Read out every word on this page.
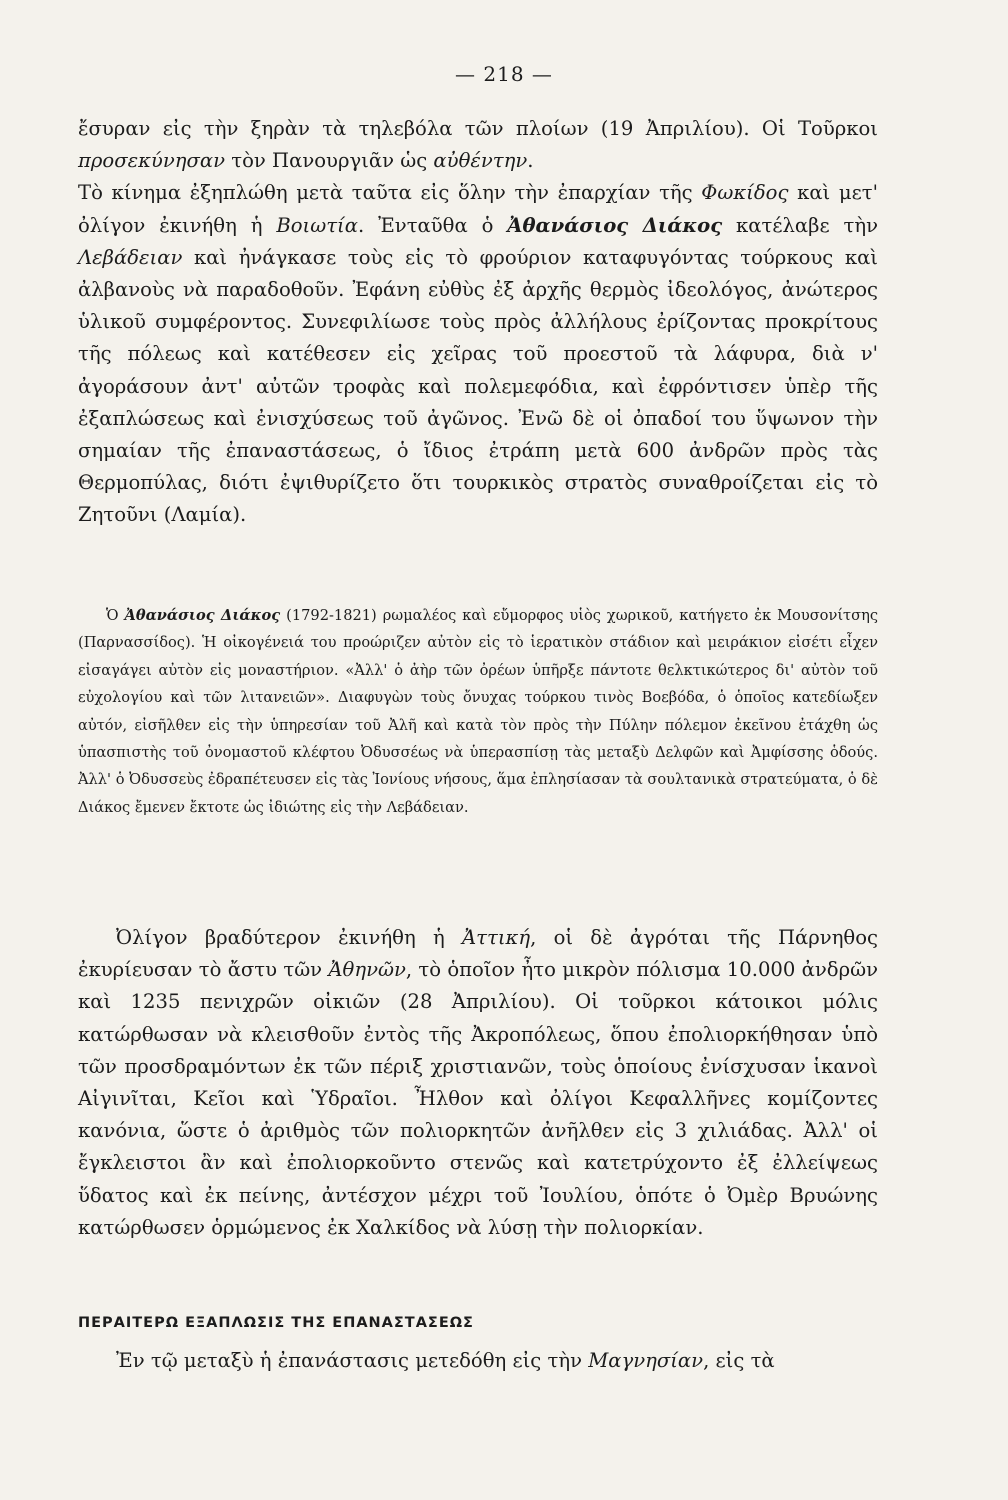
— 218 —

ἔσυραν εἰς τὴν ξηρὰν τὰ τηλεβόλα τῶν πλοίων (19 Ἀπριλίου). Οἱ Τοῦρκοι προσεκύνησαν τὸν Πανουργιᾶν ὡς αὐθέντην.
Τὸ κίνημα ἐξηπλώθη μετὰ ταῦτα εἰς ὅλην τὴν ἐπαρχίαν τῆς Φωκίδος καὶ μετ' ὀλίγον ἐκινήθη ἡ Βοιωτία. Ἐνταῦθα ὁ Ἀθανάσιος Διάκος κατέλαβε τὴν Λεβάδειαν καὶ ἠνάγκασε τοὺς εἰς τὸ φρούριον καταφυγόντας τούρκους καὶ ἀλβανοὺς νὰ παραδοθοῦν. Ἐφάνη εὐθὺς ἐξ ἀρχῆς θερμὸς ἰδεολόγος, ἀνώτερος ὑλικοῦ συμφέροντος. Συνεφιλίωσε τοὺς πρὸς ἀλλήλους ἐρίζοντας προκρίτους τῆς πόλεως καὶ κατέθεσεν εἰς χεῖρας τοῦ προεστοῦ τὰ λάφυρα, διὰ ν' ἀγοράσουν ἀντ' αὐτῶν τροφὰς καὶ πολεμεφόδια, καὶ ἐφρόντισεν ὑπὲρ τῆς ἐξαπλώσεως καὶ ἐνισχύσεως τοῦ ἀγῶνος. Ἐνῶ δὲ οἱ ὀπαδοί του ὕψωνον τὴν σημαίαν τῆς ἐπαναστάσεως, ὁ ἴδιος ἐτράπη μετὰ 600 ἀνδρῶν πρὸς τὰς Θερμοπύλας, διότι ἐψιθυρίζετο ὅτι τουρκικὸς στρατὸς συναθροίζεται εἰς τὸ Ζητοῦνι (Λαμία).

Ὁ Ἀθανάσιος Διάκος (1792-1821) ρωμαλέος καὶ εὔμορφος υἱὸς χωρικοῦ, κατήγετο ἐκ Μουσονίτσης (Παρνασσίδος). Ἡ οἰκογένειά του προώριζεν αὐτὸν εἰς τὸ ἱερατικὸν στάδιον καὶ μειράκιον εἰσέτι εἶχεν εἰσαγάγει αὐτὸν εἰς μοναστήριον. «Ἀλλ' ὁ ἀὴρ τῶν ὀρέων ὑπῆρξε πάντοτε θελκτικώτερος δι' αὐτὸν τοῦ εὐχολογίου καὶ τῶν λιτανειῶν». Διαφυγὼν τοὺς ὄνυχας τούρκου τινὸς Βοεβόδα, ὁ ὁποῖος κατεδίωξεν αὐτόν, εἰσῆλθεν εἰς τὴν ὑπηρεσίαν τοῦ Ἀλῆ καὶ κατὰ τὸν πρὸς τὴν Πύλην πόλεμον ἐκεῖνου ἐτάχθη ὡς ὑπασπιστὴς τοῦ ὀνομαστοῦ κλέφτου Ὀδυσσέως νὰ ὑπερασπίσῃ τὰς μεταξὺ Δελφῶν καὶ Ἀμφίσσης ὁδούς. Ἀλλ' ὁ Ὀδυσσεὺς ἐδραπέτευσεν εἰς τὰς Ἰονίους νήσους, ἅμα ἐπλησίασαν τὰ σουλτανικὰ στρατεύματα, ὁ δὲ Διάκος ἔμενεν ἔκτοτε ὡς ἰδιώτης εἰς τὴν Λεβάδειαν.

Ὀλίγον βραδύτερον ἐκινήθη ἡ Ἀττική, οἱ δὲ ἀγρόται τῆς Πάρνηθος ἐκυρίευσαν τὸ ἄστυ τῶν Ἀθηνῶν, τὸ ὁποῖον ἦτο μικρὸν πόλισμα 10.000 ἀνδρῶν καὶ 1235 πενιχρῶν οἰκιῶν (28 Ἀπριλίου). Οἱ τοῦρκοι κάτοικοι μόλις κατώρθωσαν νὰ κλεισθοῦν ἐντὸς τῆς Ἀκροπόλεως, ὅπου ἐπολιορκήθησαν ὑπὸ τῶν προσδραμόντων ἐκ τῶν πέριξ χριστιανῶν, τοὺς ὁποίους ἐνίσχυσαν ἱκανοὶ Αἰγινῖται, Κεῖοι καὶ Ὑδραῖοι. Ἦλθον καὶ ὀλίγοι Κεφαλλῆνες κομίζοντες κανόνια, ὥστε ὁ ἀριθμὸς τῶν πολιορκητῶν ἀνῆλθεν εἰς 3 χιλιάδας. Ἀλλ' οἱ ἔγκλειστοι ἂν καὶ ἐπολιορκοῦντο στενῶς καὶ κατετρύχοντο ἐξ ἐλλείψεως ὕδατος καὶ ἐκ πείνης, ἀντέσχον μέχρι τοῦ Ἰουλίου, ὁπότε ὁ Ὀμὲρ Βρυώνης κατώρθωσεν ὁρμώμενος ἐκ Χαλκίδος νὰ λύσῃ τὴν πολιορκίαν.

ΠΕΡΑΙΤΕΡΩ ΕΞΑΠΛΩΣΙΣ ΤΗΣ ΕΠΑΝΑΣΤΑΣΕΩΣ

Ἐν τῷ μεταξὺ ἡ ἐπανάστασις μετεδόθη εἰς τὴν Μαγνησίαν, εἰς τὰ
